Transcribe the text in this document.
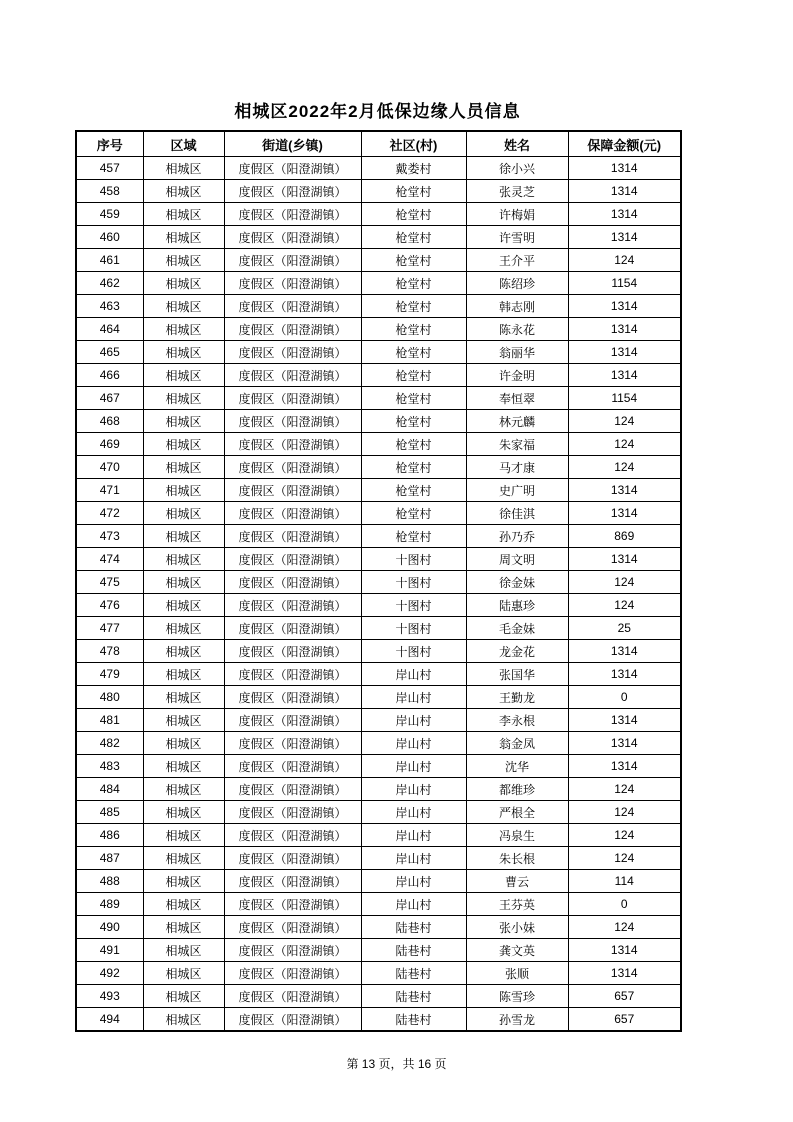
相城区2022年2月低保边缘人员信息
序号	区域	街道(乡镇)	社区(村)	姓名	保障金额(元)
457	相城区	度假区（阳澄湖镇）	戴娄村	徐小兴	1314
458	相城区	度假区（阳澄湖镇）	枪堂村	张灵芝	1314
459	相城区	度假区（阳澄湖镇）	枪堂村	许梅娟	1314
460	相城区	度假区（阳澄湖镇）	枪堂村	许雪明	1314
461	相城区	度假区（阳澄湖镇）	枪堂村	王介平	124
462	相城区	度假区（阳澄湖镇）	枪堂村	陈绍珍	1154
463	相城区	度假区（阳澄湖镇）	枪堂村	韩志刚	1314
464	相城区	度假区（阳澄湖镇）	枪堂村	陈永花	1314
465	相城区	度假区（阳澄湖镇）	枪堂村	翁丽华	1314
466	相城区	度假区（阳澄湖镇）	枪堂村	许金明	1314
467	相城区	度假区（阳澄湖镇）	枪堂村	奉恒翠	1154
468	相城区	度假区（阳澄湖镇）	枪堂村	林元麟	124
469	相城区	度假区（阳澄湖镇）	枪堂村	朱家福	124
470	相城区	度假区（阳澄湖镇）	枪堂村	马才康	124
471	相城区	度假区（阳澄湖镇）	枪堂村	史广明	1314
472	相城区	度假区（阳澄湖镇）	枪堂村	徐佳淇	1314
473	相城区	度假区（阳澄湖镇）	枪堂村	孙乃乔	869
474	相城区	度假区（阳澄湖镇）	十图村	周文明	1314
475	相城区	度假区（阳澄湖镇）	十图村	徐金妹	124
476	相城区	度假区（阳澄湖镇）	十图村	陆惠珍	124
477	相城区	度假区（阳澄湖镇）	十图村	毛金妹	25
478	相城区	度假区（阳澄湖镇）	十图村	龙金花	1314
479	相城区	度假区（阳澄湖镇）	岸山村	张国华	1314
480	相城区	度假区（阳澄湖镇）	岸山村	王勤龙	0
481	相城区	度假区（阳澄湖镇）	岸山村	李永根	1314
482	相城区	度假区（阳澄湖镇）	岸山村	翁金凤	1314
483	相城区	度假区（阳澄湖镇）	岸山村	沈华	1314
484	相城区	度假区（阳澄湖镇）	岸山村	都维珍	124
485	相城区	度假区（阳澄湖镇）	岸山村	严根全	124
486	相城区	度假区（阳澄湖镇）	岸山村	冯泉生	124
487	相城区	度假区（阳澄湖镇）	岸山村	朱长根	124
488	相城区	度假区（阳澄湖镇）	岸山村	曹云	114
489	相城区	度假区（阳澄湖镇）	岸山村	王芬英	0
490	相城区	度假区（阳澄湖镇）	陆巷村	张小妹	124
491	相城区	度假区（阳澄湖镇）	陆巷村	龚文英	1314
492	相城区	度假区（阳澄湖镇）	陆巷村	张顺	1314
493	相城区	度假区（阳澄湖镇）	陆巷村	陈雪珍	657
494	相城区	度假区（阳澄湖镇）	陆巷村	孙雪龙	657
第 13 页，共 16 页
